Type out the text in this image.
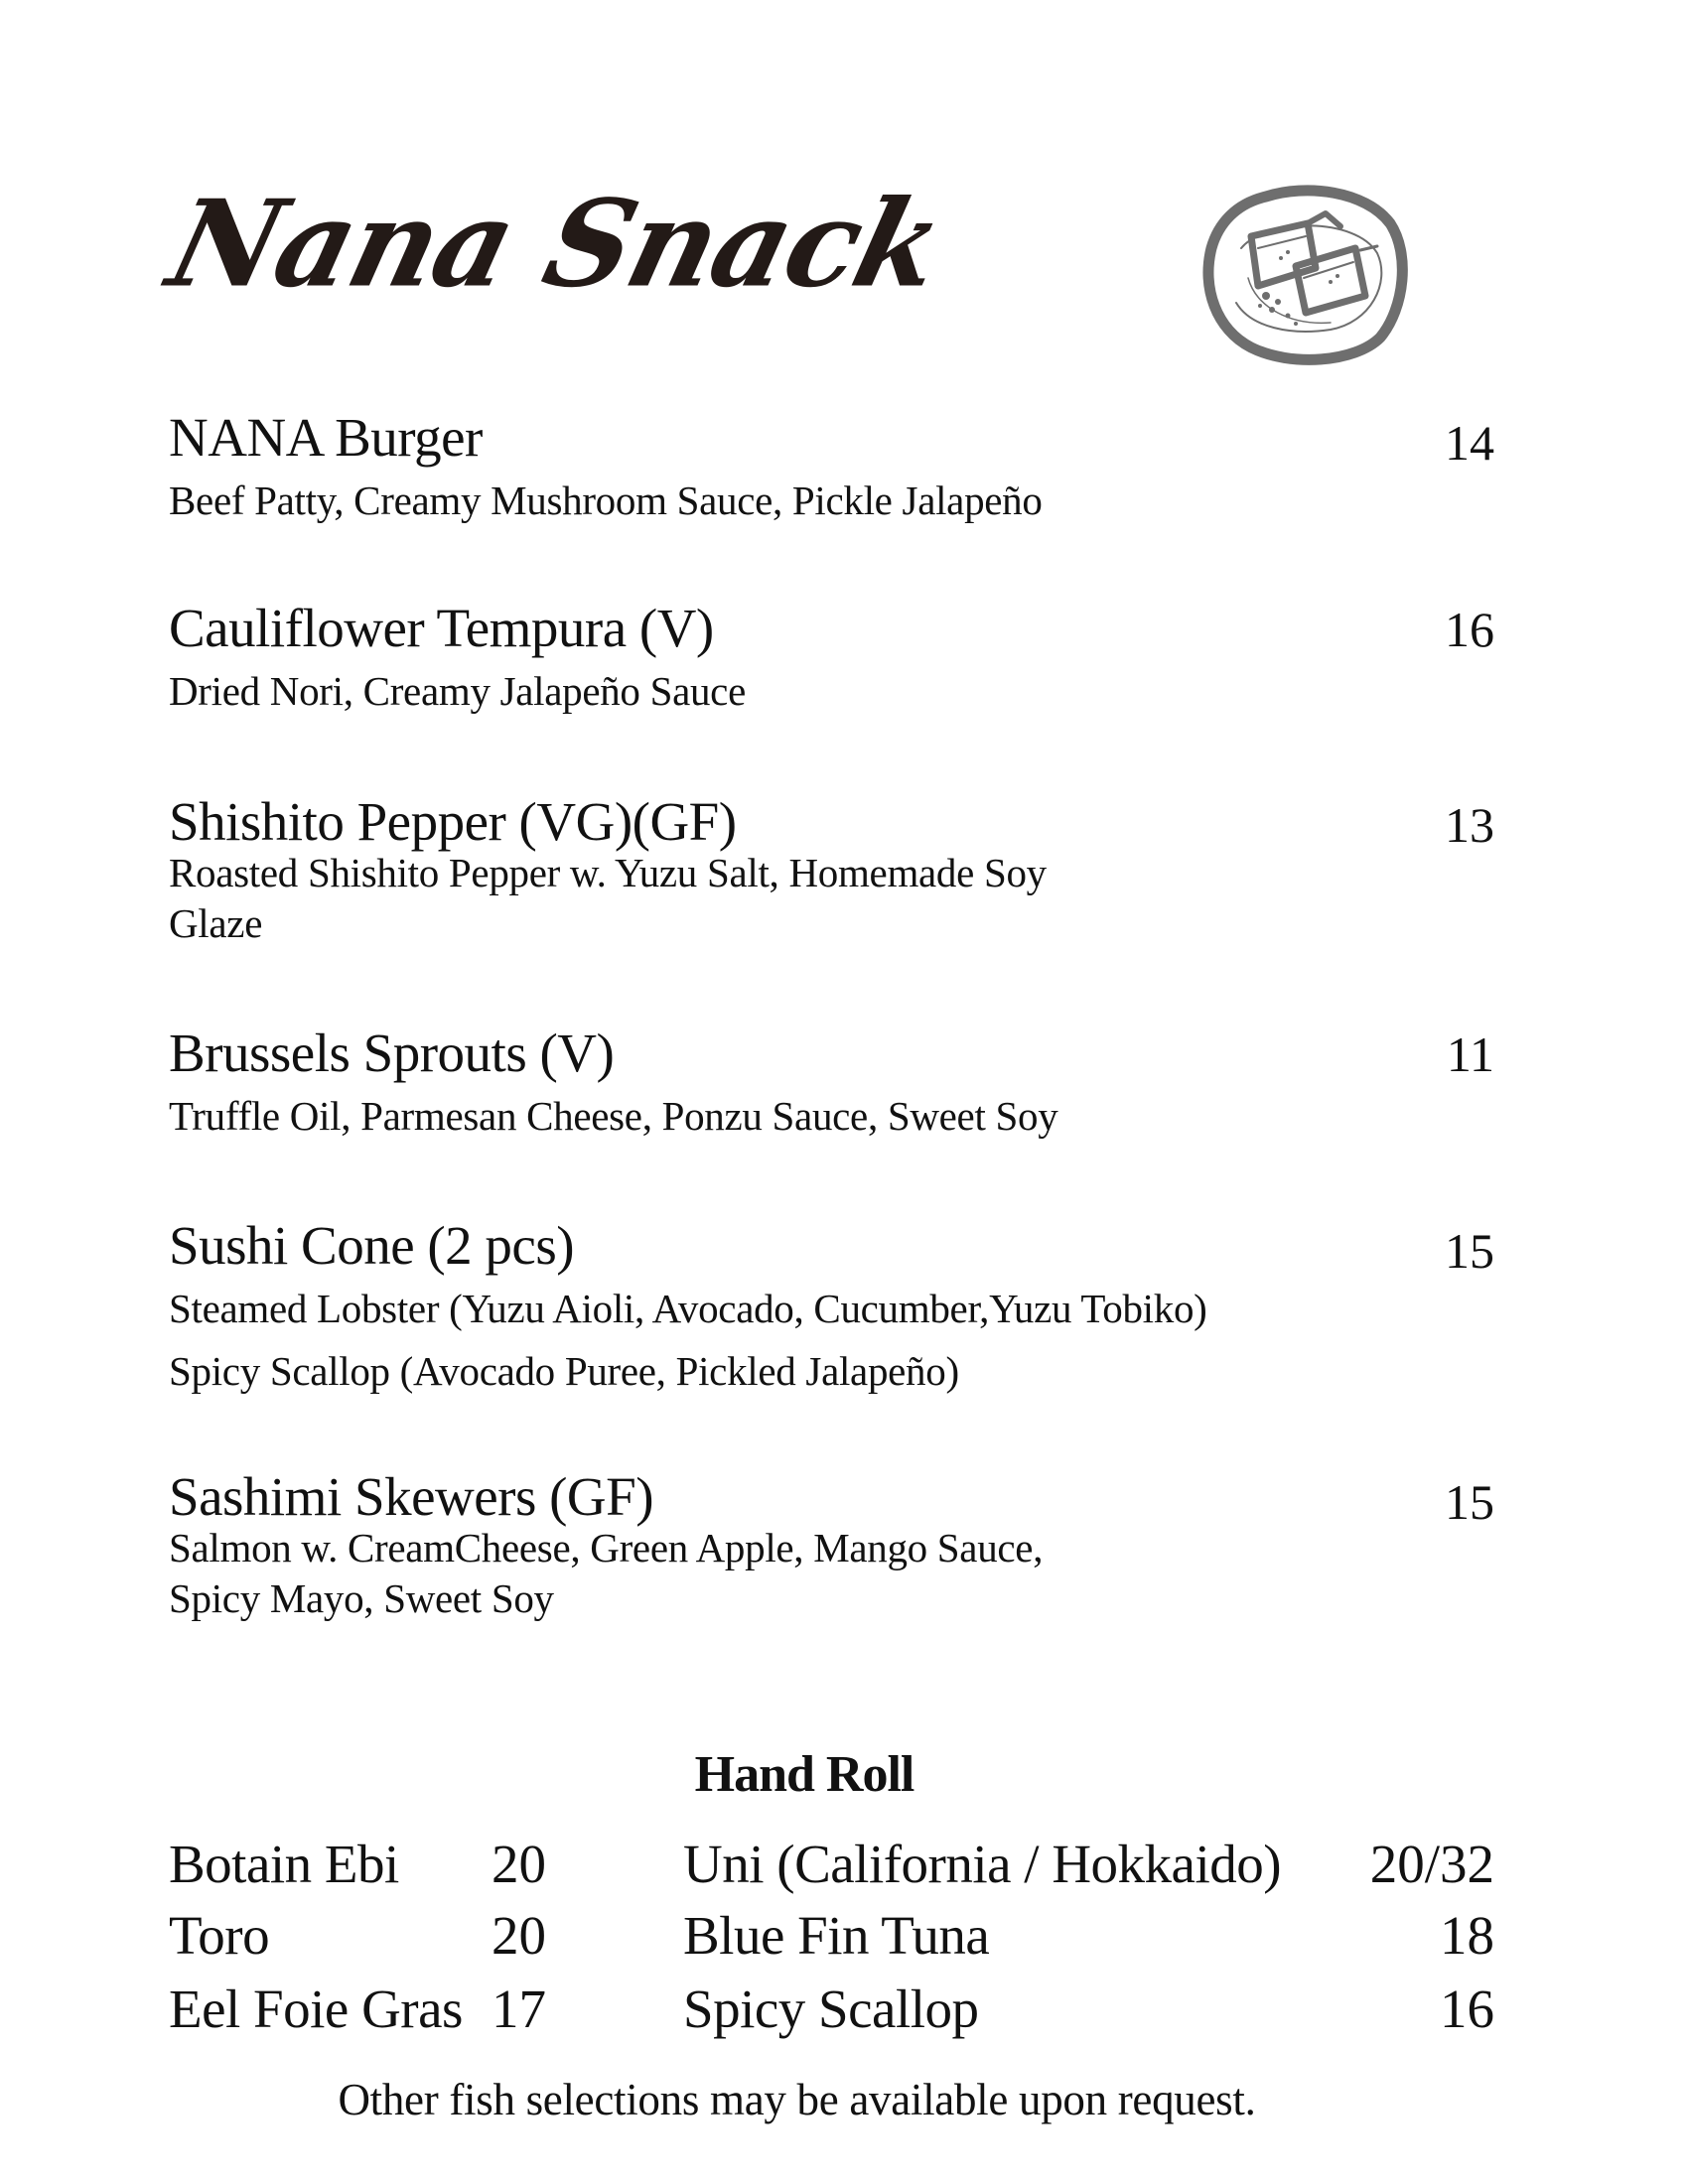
Nana Snack
NANA Burger	14
Beef Patty, Creamy Mushroom Sauce, Pickle Jalapeño
Cauliflower Tempura (V)	16
Dried Nori, Creamy Jalapeño Sauce
Shishito Pepper (VG)(GF)	13
Roasted Shishito Pepper w. Yuzu Salt, Homemade Soy
Glaze
Brussels Sprouts (V)	11
Truffle Oil, Parmesan Cheese, Ponzu Sauce, Sweet Soy
Sushi Cone (2 pcs)	15
Steamed Lobster (Yuzu Aioli, Avocado, Cucumber,Yuzu Tobiko)
Spicy Scallop (Avocado Puree, Pickled Jalapeño)
Sashimi Skewers (GF)	15
Salmon w. CreamCheese, Green Apple, Mango Sauce,
Spicy Mayo, Sweet Soy
Hand Roll
Botain Ebi 20	Uni (California / Hokkaido) 20/32
Toro	20	Blue Fin Tuna	18
Eel Foie Gras 17	Spicy Scallop	16
Other fish selections may be available upon request.
